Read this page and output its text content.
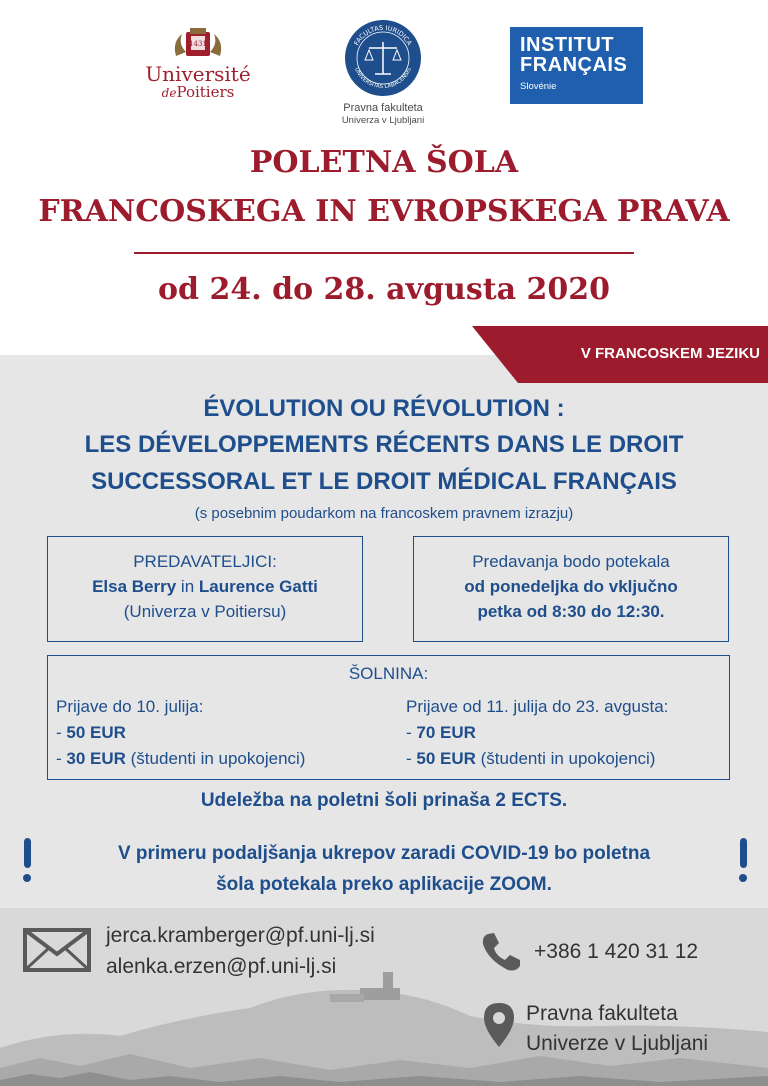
1431
Université
dePoitiers
FACULTAS IURIDICA
UNIVERSITAS LABACENSIS
Pravna fakulteta
Univerza v Ljubljani
INSTITUT
FRANÇAIS
Slovénie
POLETNA ŠOLA
FRANCOSKEGA IN EVROPSKEGA PRAVA
od 24. do 28. avgusta 2020
V FRANCOSKEM JEZIKU
ÉVOLUTION OU RÉVOLUTION :
LES DÉVELOPPEMENTS RÉCENTS DANS LE DROIT
SUCCESSORAL ET LE DROIT MÉDICAL FRANÇAIS
(s posebnim poudarkom na francoskem pravnem izrazju)
PREDAVATELJICI:
Elsa Berry in Laurence Gatti
(Univerza v Poitiersu)
Predavanja bodo potekala
od ponedeljka do vključno
petka od 8:30 do 12:30.
ŠOLNINA:
Prijave do 10. julija:
- 50 EUR
- 30 EUR (študenti in upokojenci)
Prijave od 11. julija do 23. avgusta:
- 70 EUR
- 50 EUR (študenti in upokojenci)
Udeležba na poletni šoli prinaša 2 ECTS.
V primeru podaljšanja ukrepov zaradi COVID-19 bo poletna
šola potekala preko aplikacije ZOOM.
jerca.kramberger@pf.uni-lj.si
alenka.erzen@pf.uni-lj.si
+386 1 420 31 12
Pravna fakulteta
Univerze v Ljubljani
